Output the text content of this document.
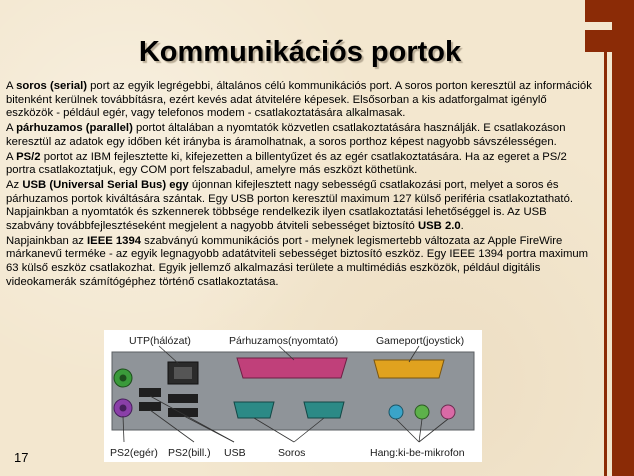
Kommunikációs portok

A soros (serial) port az egyik legrégebbi, általános célú kommunikációs port. A soros porton keresztül az információk bitenként kerülnek továbbításra, ezért kevés adat átvitelére képesek. Elsősorban a kis adatforgalmat igénylő eszközök - például egér, vagy telefonos modem - csatlakoztatására alkalmasak.

A párhuzamos (parallel) portot általában a nyomtatók közvetlen csatlakoztatására használják. E csatlakozáson keresztül az adatok egy időben két irányba is áramolhatnak, a soros porthoz képest nagyobb sávszélességen.

A PS/2 portot az IBM fejlesztette ki, kifejezetten a billentyűzet és az egér csatlakoztatására. Ha az egeret a PS/2 portra csatlakoztatjuk, egy COM port felszabadul, amelyre más eszközt köthetünk.

Az USB (Universal Serial Bus) egy újonnan kifejlesztett nagy sebességű csatlakozási port, melyet a soros és párhuzamos portok kiváltására szántak. Egy USB porton keresztül maximum 127 külső periféria csatlakoztatható. Napjainkban a nyomtatók és szkennerek többsége rendelkezik ilyen csatlakoztatási lehetőséggel is. Az USB szabvány továbbfejlesztéseként megjelent a nagyobb átviteli sebességet biztosító USB 2.0.

Napjainkban az IEEE 1394 szabványú kommunikációs port - melynek legismertebb változata az Apple FireWire márkanevű terméke - az egyik legnagyobb adatátviteli sebességet biztosító eszköz. Egy IEEE 1394 portra maximum 63 külső eszköz csatlakozhat. Egyik jellemző alkalmazási területe a multimédiás eszközök, például digitális videokamerák számítógéphez történő csatlakoztatása.

UTP(hálózat)	Párhuzamos(nyomtató)	Gameport(joystick)
PS2(egér) PS2(bill.) USB	Soros	Hang:ki-be-mikrofon
17
